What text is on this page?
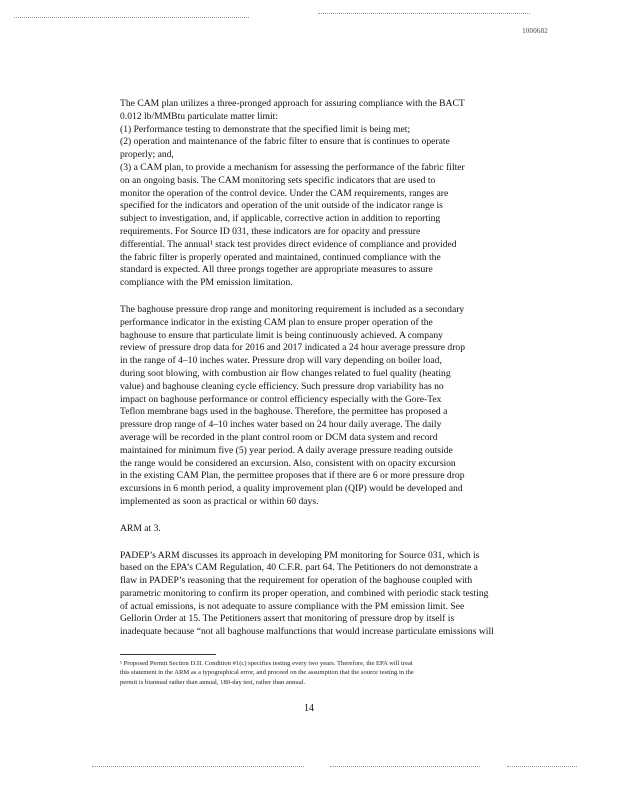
1000682

The CAM plan utilizes a three-pronged approach for assuring compliance with the BACT

0.012 lb/MMBtu particulate matter limit:

(1) Performance testing to demonstrate that the specified limit is being met;

(2) operation and maintenance of the fabric filter to ensure that is continues to operate

properly; and,

(3) a CAM plan, to provide a mechanism for assessing the performance of the fabric filter

on an ongoing basis. The CAM monitoring sets specific indicators that are used to

monitor the operation of the control device. Under the CAM requirements, ranges are

specified for the indicators and operation of the unit outside of the indicator range is

subject to investigation, and, if applicable, corrective action in addition to reporting

requirements. For Source ID 031, these indicators are for opacity and pressure

differential. The annual¹ stack test provides direct evidence of compliance and provided

the fabric filter is properly operated and maintained, continued compliance with the

standard is expected. All three prongs together are appropriate measures to assure

compliance with the PM emission limitation.

The baghouse pressure drop range and monitoring requirement is included as a secondary

performance indicator in the existing CAM plan to ensure proper operation of the

baghouse to ensure that particulate limit is being continuously achieved. A company

review of pressure drop data for 2016 and 2017 indicated a 24 hour average pressure drop

in the range of 4–10 inches water. Pressure drop will vary depending on boiler load,

during soot blowing, with combustion air flow changes related to fuel quality (heating

value) and baghouse cleaning cycle efficiency. Such pressure drop variability has no

impact on baghouse performance or control efficiency especially with the Gore-Tex

Teflon membrane bags used in the baghouse. Therefore, the permittee has proposed a

pressure drop range of 4–10 inches water based on 24 hour daily average. The daily

average will be recorded in the plant control room or DCM data system and record

maintained for minimum five (5) year period. A daily average pressure reading outside

the range would be considered an excursion. Also, consistent with on opacity excursion

in the existing CAM Plan, the permittee proposes that if there are 6 or more pressure drop

excursions in 6 month period, a quality improvement plan (QIP) would be developed and

implemented as soon as practical or within 60 days.

ARM at 3.

PADEP’s ARM discusses its approach in developing PM monitoring for Source 031, which is

based on the EPA’s CAM Regulation, 40 C.F.R. part 64. The Petitioners do not demonstrate a

flaw in PADEP’s reasoning that the requirement for operation of the baghouse coupled with

parametric monitoring to confirm its proper operation, and combined with periodic stack testing

of actual emissions, is not adequate to assure compliance with the PM emission limit. See

Gellorin Order at 15. The Petitioners assert that monitoring of pressure drop by itself is

inadequate because “not all baghouse malfunctions that would increase particulate emissions will

¹ Proposed Permit Section D.II. Condition #1(c) specifies testing every two years. Therefore, the EPA will treat
this statement in the ARM as a typographical error, and proceed on the assumption that the source testing in the
permit is biannual rather than annual, 180-day test, rather than annual.
14
